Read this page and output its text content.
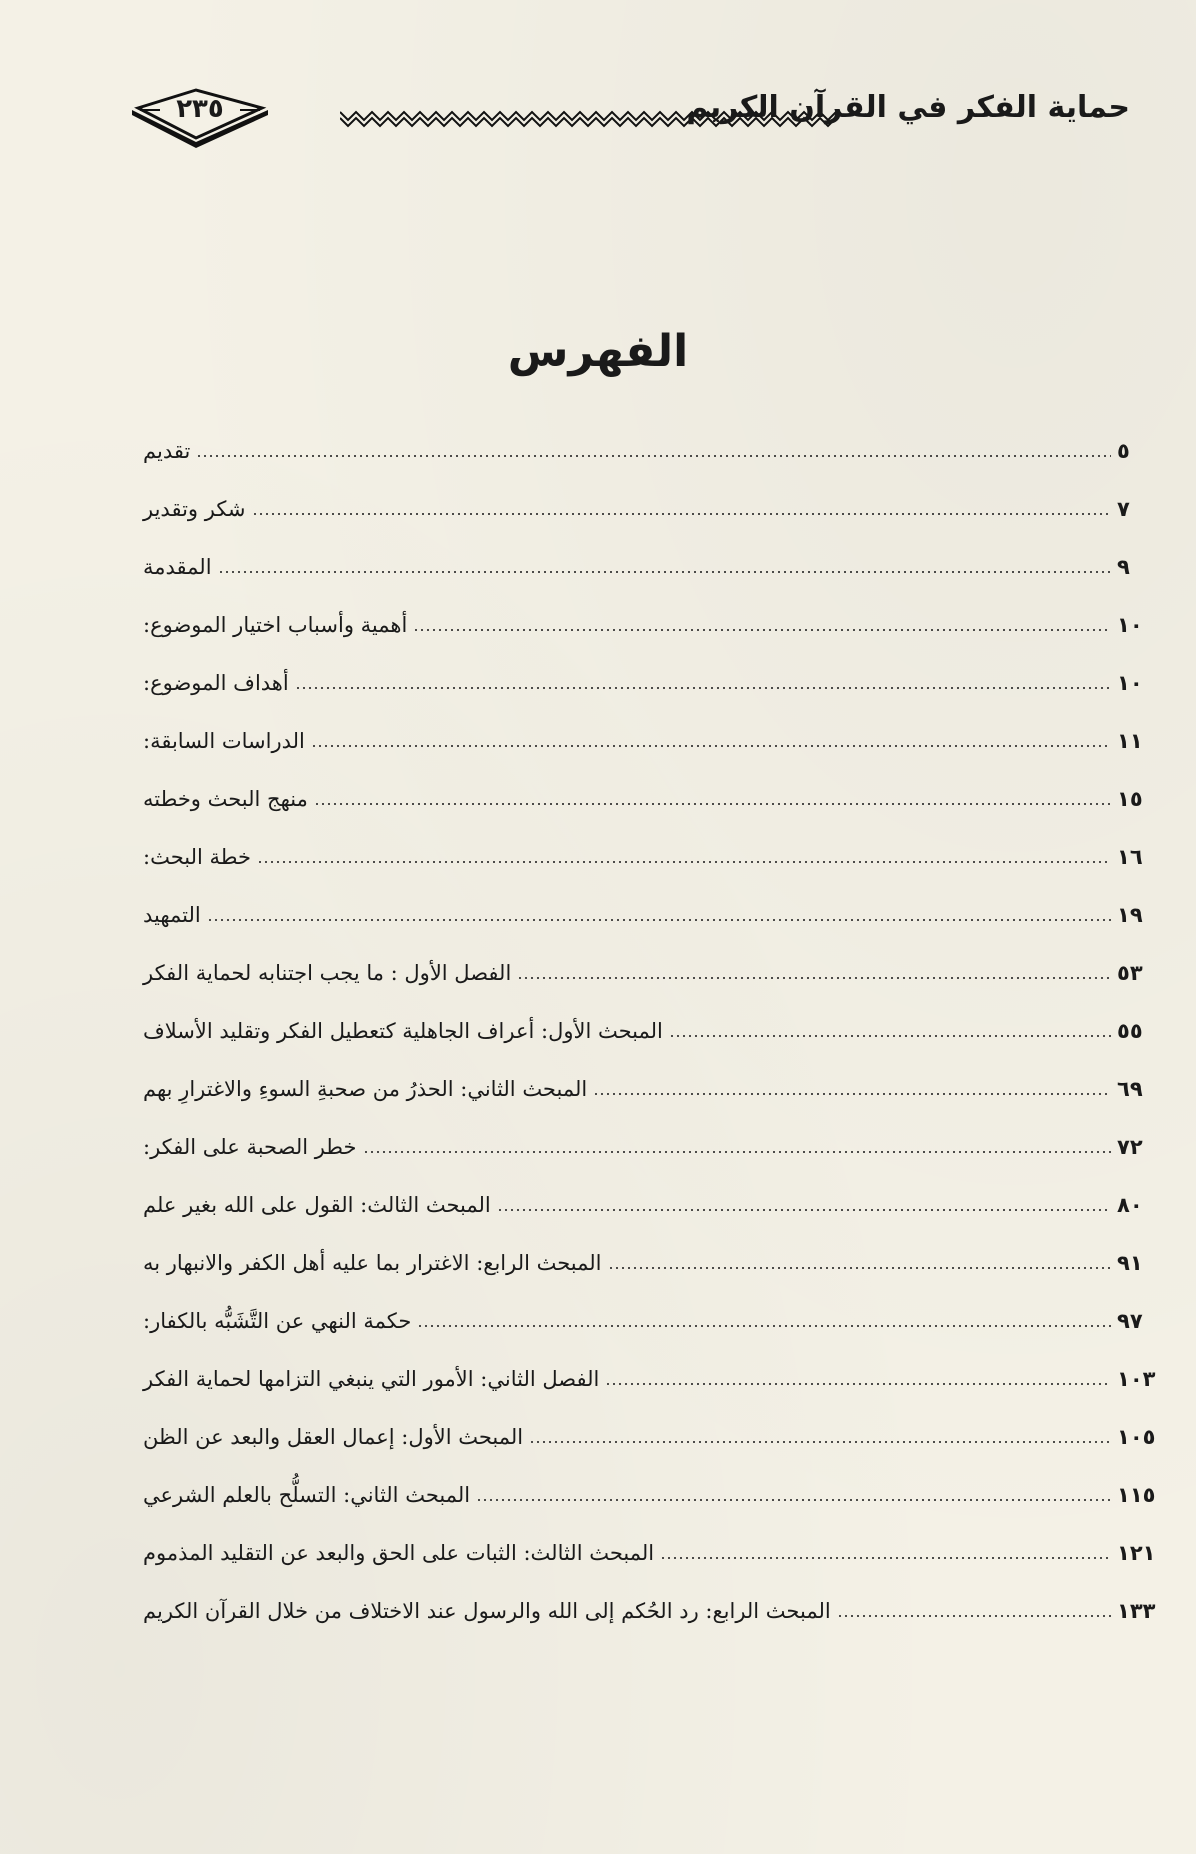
٢٣٥	حماية الفكر في القرآن الكريم
الفهرس
تقديم	٥
شكر وتقدير	٧
المقدمة	٩
أهمية وأسباب اختيار الموضوع:	١٠
أهداف الموضوع:	١٠
الدراسات السابقة:	١١
منهج البحث وخطته	١٥
خطة البحث:	١٦
التمهيد	١٩
الفصل الأول : ما يجب اجتنابه لحماية الفكر	٥٣
المبحث الأول: أعراف الجاهلية كتعطيل الفكر وتقليد الأسلاف	٥٥
المبحث الثاني: الحذرُ من صحبةِ السوءِ والاغترارِ بهم	٦٩
خطر الصحبة على الفكر:	٧٢
المبحث الثالث: القول على الله بغير علم	٨٠
المبحث الرابع: الاغترار بما عليه أهل الكفر والانبهار به	٩١
حكمة النهي عن التَّشَبُّه بالكفار:	٩٧
الفصل الثاني: الأمور التي ينبغي التزامها لحماية الفكر	١٠٣
المبحث الأول: إعمال العقل والبعد عن الظن	١٠٥
المبحث الثاني: التسلُّح بالعلم الشرعي	١١٥
المبحث الثالث: الثبات على الحق والبعد عن التقليد المذموم	١٢١
المبحث الرابع: رد الحُكم إلى الله والرسول عند الاختلاف من خلال القرآن الكريم	١٣٣
